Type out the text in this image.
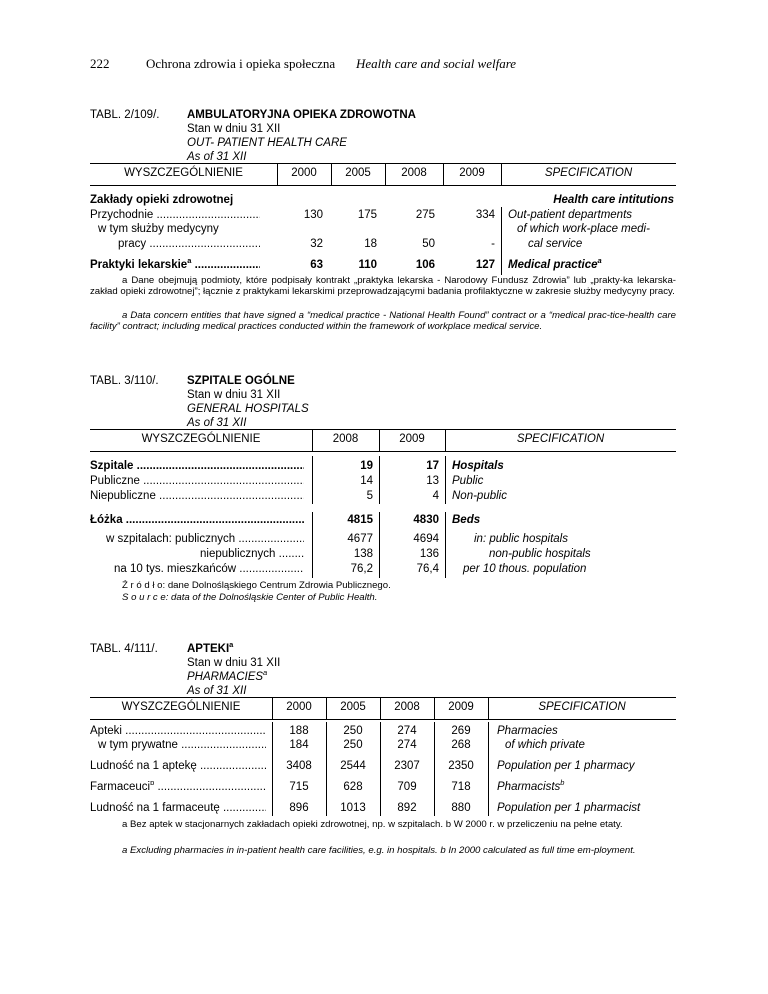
222	Ochrona zdrowia i opieka społeczna Health care and social welfare
TABL. 2/109/. AMBULATORYJNA OPIEKA ZDROWOTNA
Stan w dniu 31 XII
OUT- PATIENT HEALTH CARE
As of 31 XII
WYSZCZEGÓLNIENIE	2000	2005	2008	2009	SPECIFICATION
Zakłady opieki zdrowotnej	Health care intitutions
Przychodnie .....	130	175	275	334 Out-patient departments
w tym służby medycyny	of which work-place medi-
pracy .....	32	18	50	-	cal service
Praktyki lekarskie$^a$ .....	63	110	106	127 Medical practice$^a$
a Dane obejmują podmioty, które podpisały kontrakt „praktyka lekarska - Narodowy Fundusz Zdrowia” lub „prakty-ka lekarska-zakład opieki zdrowotnej”; łącznie z praktykami lekarskimi przeprowadzającymi badania profilaktyczne w zakresie służby medycyny pracy.
a Data concern entities that have signed a “medical practice - National Health Found” contract or a “medical prac-tice-health care facility” contract; including medical practices conducted within the framework of workplace medical service.
TABL. 3/110/. SZPITALE OGÓLNE
Stan w dniu 31 XII
GENERAL HOSPITALS
As of 31 XII
WYSZCZEGÓLNIENIE	2008	2009	SPECIFICATION
Szpitale .....	19	17 Hospitals
Publiczne .....	14	13 Public
Niepubliczne .....	5	4 Non-public
Łóżka .....	4815	4830 Beds
w szpitalach: publicznych .....	4677	4694	in: public hospitals
niepublicznych .....	138	136	non-public hospitals
na 10 tys. mieszkańców .....	76,2	76,4 per 10 thous. population
Ź r ó d ł o: dane Dolnośląskiego Centrum Zdrowia Publicznego.
S o u r c e: data of the Dolnośląskie Center of Public Health.
TABL. 4/111/.	APTEKI$^a$
Stan w dniu 31 XII
PHARMACIES$^a$
As of 31 XII
WYSZCZEGÓLNIENIE	2000	2005	2008	2009	SPECIFICATION
Apteki .....	188	250	274	269	Pharmacies
w tym prywatne .....	184	250	274	268	of which private
Ludność na 1 aptekę .....	3408	2544	2307	2350	Population per 1 pharmacy
Farmaceuci$^b$ .....	715	628	709	718	Pharmacists$^b$
Ludność na 1 farmaceutę .....	896	1013	892	880	Population per 1 pharmacist
a Bez aptek w stacjonarnych zakładach opieki zdrowotnej, np. w szpitalach. b W 2000 r. w przeliczeniu na pełne etaty.
a Excluding pharmacies in in-patient health care facilities, e.g. in hospitals. b In 2000 calculated as full time em-ployment.
